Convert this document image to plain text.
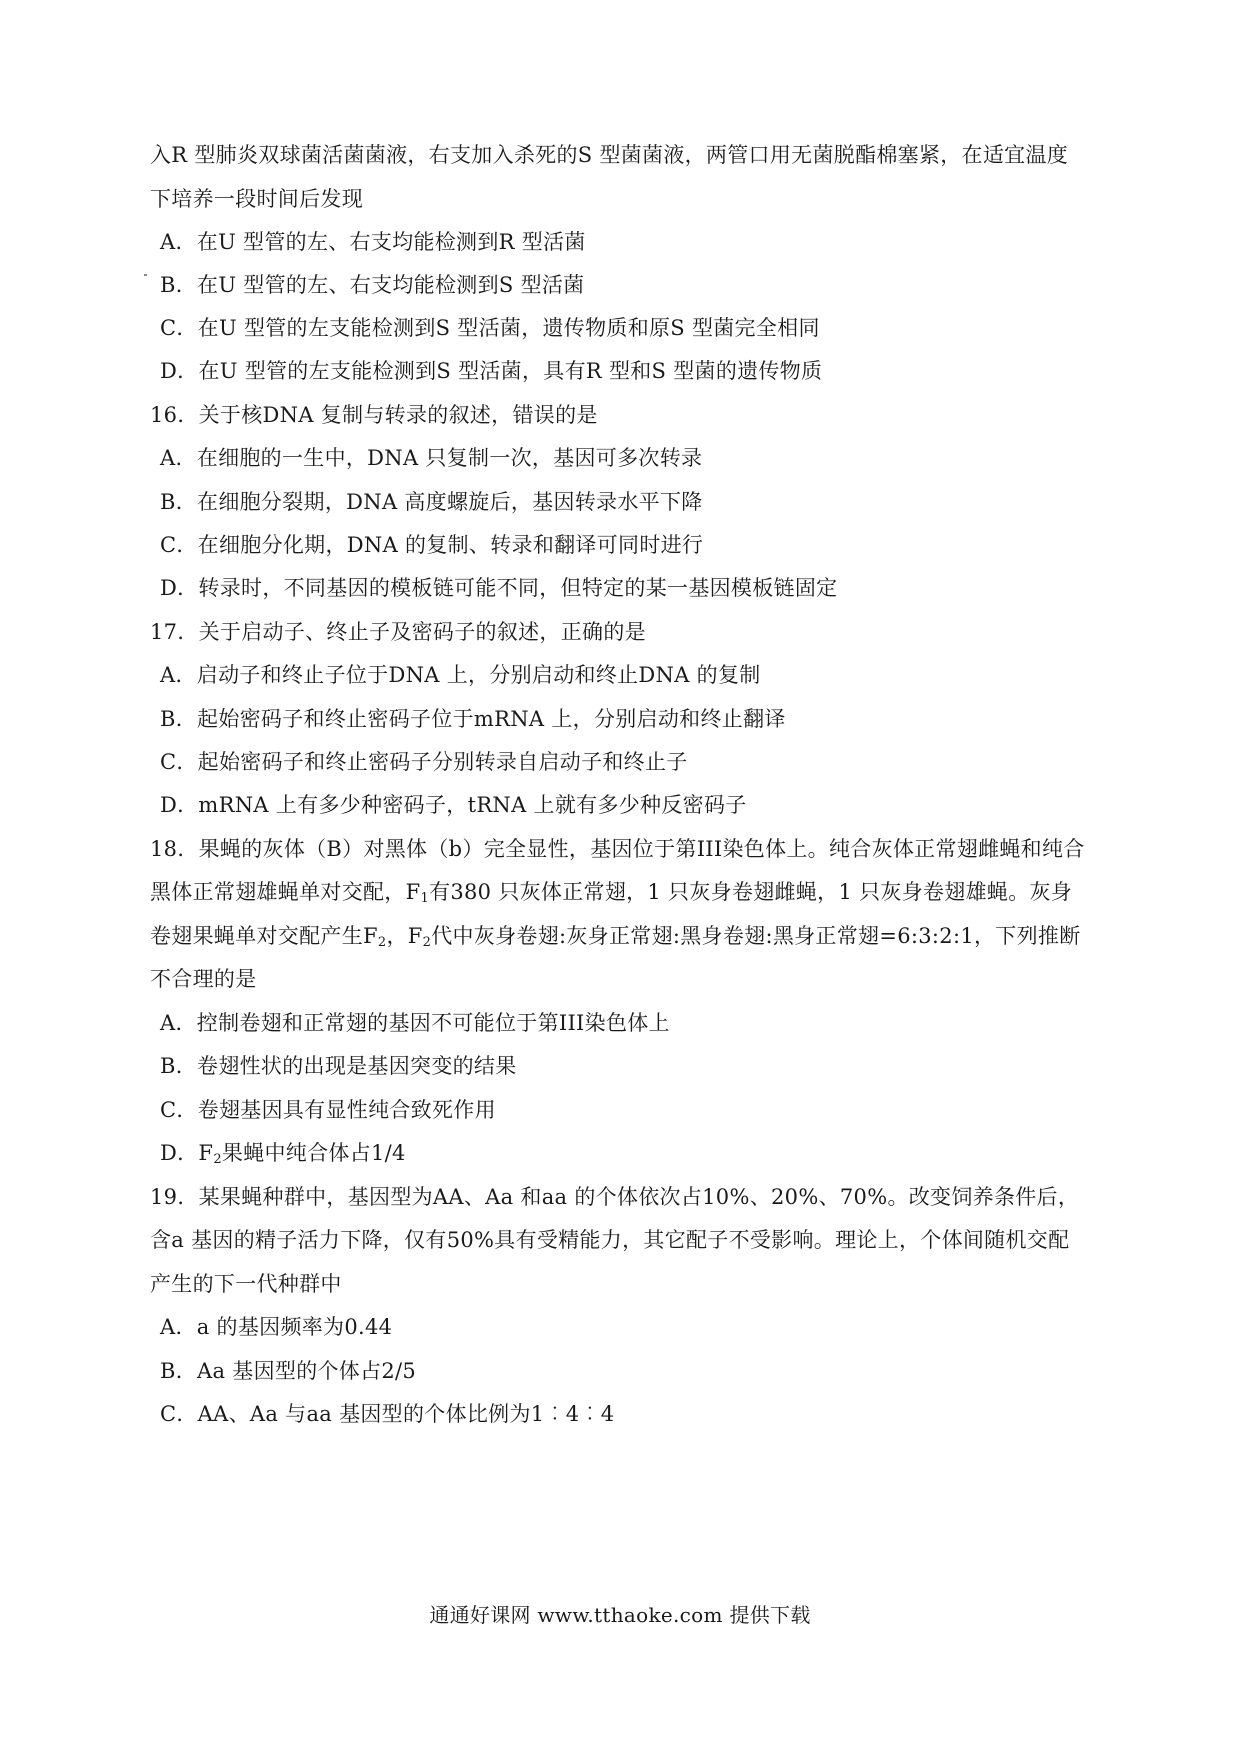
入R 型肺炎双球菌活菌菌液，右支加入杀死的S 型菌菌液，两管口用无菌脱酯棉塞紧，在适宜温度
下培养一段时间后发现
A．在U 型管的左、右支均能检测到R 型活菌
B．在U 型管的左、右支均能检测到S 型活菌
C．在U 型管的左支能检测到S 型活菌，遗传物质和原S 型菌完全相同
D．在U 型管的左支能检测到S 型活菌，具有R 型和S 型菌的遗传物质
16．关于核DNA 复制与转录的叙述，错误的是
A．在细胞的一生中，DNA 只复制一次，基因可多次转录
B．在细胞分裂期，DNA 高度螺旋后，基因转录水平下降
C．在细胞分化期，DNA 的复制、转录和翻译可同时进行
D．转录时，不同基因的模板链可能不同，但特定的某一基因模板链固定
17．关于启动子、终止子及密码子的叙述，正确的是
A．启动子和终止子位于DNA 上，分别启动和终止DNA 的复制
B．起始密码子和终止密码子位于mRNA 上，分别启动和终止翻译
C．起始密码子和终止密码子分别转录自启动子和终止子
D．mRNA 上有多少种密码子，tRNA 上就有多少种反密码子
18．果蝇的灰体（B）对黑体（b）完全显性，基因位于第III染色体上。纯合灰体正常翅雌蝇和纯合
黑体正常翅雄蝇单对交配，$F_1$有380 只灰体正常翅，1 只灰身卷翅雌蝇，1 只灰身卷翅雄蝇。灰身
卷翅果蝇单对交配产生$F_2$，$F_2$代中灰身卷翅:灰身正常翅:黑身卷翅:黑身正常翅=6:3:2:1，下列推断
不合理的是
A．控制卷翅和正常翅的基因不可能位于第III染色体上
B．卷翅性状的出现是基因突变的结果
C．卷翅基因具有显性纯合致死作用
D．$F_2$果蝇中纯合体占1/4
19．某果蝇种群中，基因型为AA、Aa 和aa 的个体依次占10%、20%、70%。改变饲养条件后，
含a 基因的精子活力下降，仅有50%具有受精能力，其它配子不受影响。理论上，个体间随机交配
产生的下一代种群中
A．a 的基因频率为0.44
B．Aa 基因型的个体占2/5
C．AA、Aa 与aa 基因型的个体比例为1︰4︰4
通通好课网 www.tthaoke.com 提供下载
